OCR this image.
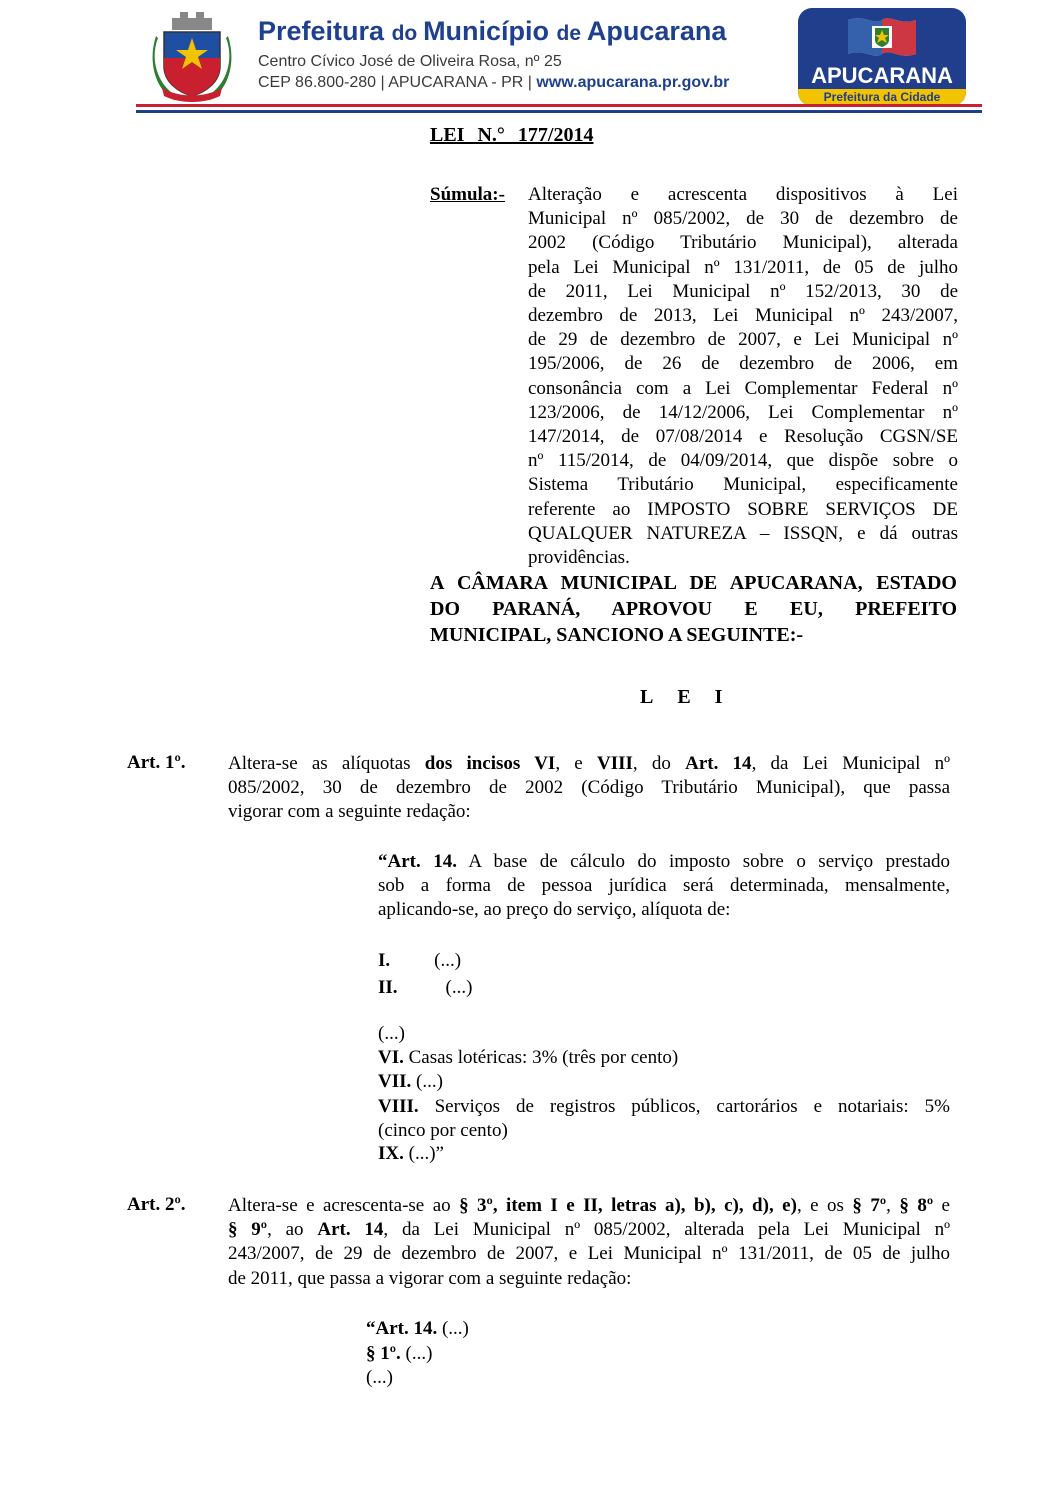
Prefeitura do Município de Apucarana
Centro Cívico José de Oliveira Rosa, nº 25
CEP 86.800-280 | APUCARANA - PR | www.apucarana.pr.gov.br	APUCARANA
Prefeitura da Cidade
LEI N.° 177/2014
Súmula:- Alteração e acrescenta dispositivos à Lei
Municipal nº 085/2002, de 30 de dezembro de
2002 (Código Tributário Municipal), alterada
pela Lei Municipal nº 131/2011, de 05 de julho
de 2011, Lei Municipal nº 152/2013, 30 de
dezembro de 2013, Lei Municipal nº 243/2007,
de 29 de dezembro de 2007, e Lei Municipal nº
195/2006, de 26 de dezembro de 2006, em
consonância com a Lei Complementar Federal nº
123/2006, de 14/12/2006, Lei Complementar nº
147/2014, de 07/08/2014 e Resolução CGSN/SE
nº 115/2014, de 04/09/2014, que dispõe sobre o
Sistema Tributário Municipal, especificamente
referente ao IMPOSTO SOBRE SERVIÇOS DE
QUALQUER NATUREZA – ISSQN, e dá outras
providências.
A CÂMARA MUNICIPAL DE APUCARANA, ESTADO
DO PARANÁ, APROVOU E EU, PREFEITO
MUNICIPAL, SANCIONO A SEGUINTE:-
LEI
Art. 1º. Altera-se as alíquotas dos incisos VI, e VIII, do Art. 14, da Lei Municipal nº
085/2002, 30 de dezembro de 2002 (Código Tributário Municipal), que passa
vigorar com a seguinte redação:
“Art. 14. A base de cálculo do imposto sobre o serviço prestado
sob a forma de pessoa jurídica será determinada, mensalmente,
aplicando-se, ao preço do serviço, alíquota de:
I. (...)
II.	(...)
(...)
VI. Casas lotéricas: 3% (três por cento)
VII. (...)
VIII. Serviços de registros públicos, cartorários e notariais: 5%
(cinco por cento)
IX. (...)”
Art. 2º. Altera-se e acrescenta-se ao § 3º, item I e II, letras a), b), c), d), e), e os § 7º, § 8º e
§ 9º, ao Art. 14, da Lei Municipal nº 085/2002, alterada pela Lei Municipal nº
243/2007, de 29 de dezembro de 2007, e Lei Municipal nº 131/2011, de 05 de julho
de 2011, que passa a vigorar com a seguinte redação:
“Art. 14. (...)
§ 1º. (...)
(...)
